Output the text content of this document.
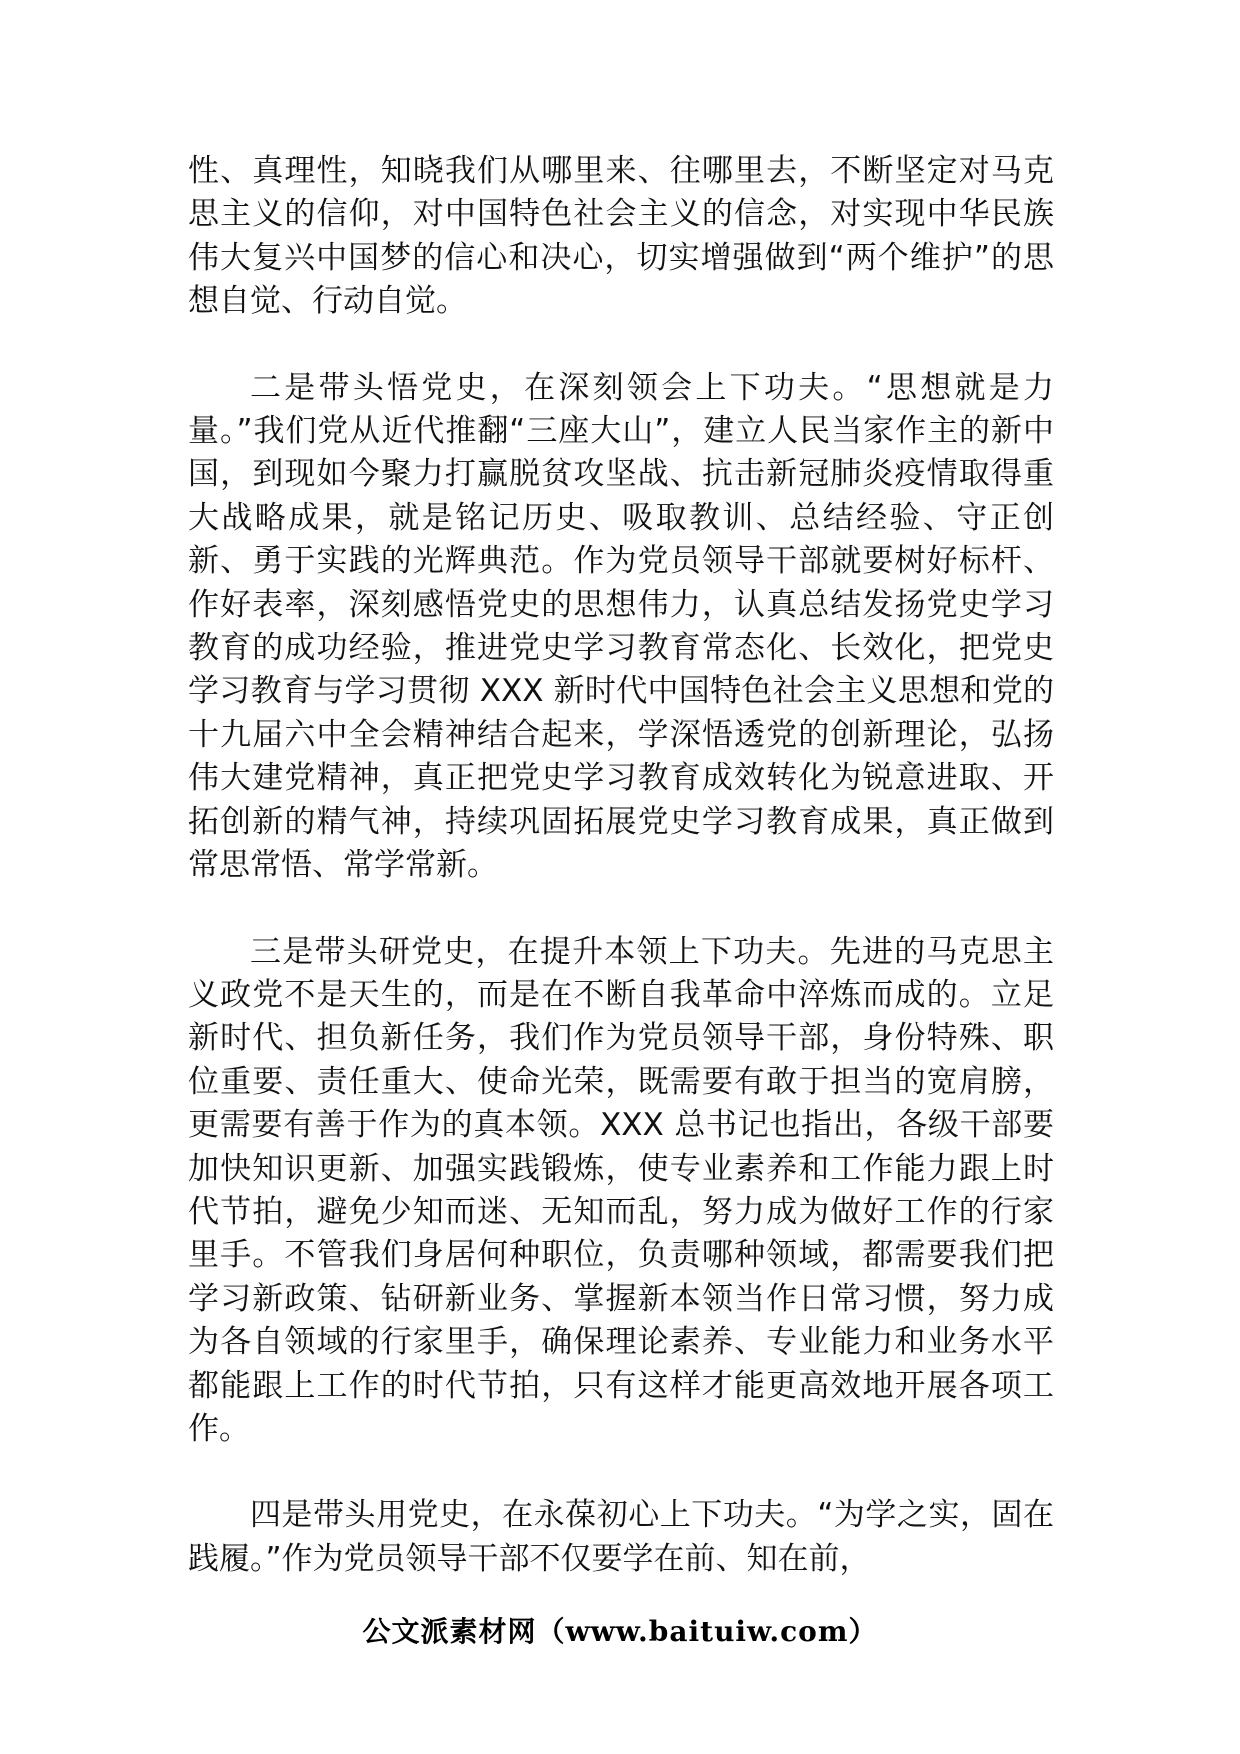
性、真理性，知晓我们从哪里来、往哪里去，不断坚定对马克思主义的信仰，对中国特色社会主义的信念，对实现中华民族伟大复兴中国梦的信心和决心，切实增强做到“两个维护”的思想自觉、行动自觉。

二是带头悟党史，在深刻领会上下功夫。“思想就是力量。”我们党从近代推翻“三座大山”，建立人民当家作主的新中国，到现如今聚力打赢脱贫攻坚战、抗击新冠肺炎疫情取得重大战略成果，就是铭记历史、吸取教训、总结经验、守正创新、勇于实践的光辉典范。作为党员领导干部就要树好标杆、作好表率，深刻感悟党史的思想伟力，认真总结发扬党史学习教育的成功经验，推进党史学习教育常态化、长效化，把党史学习教育与学习贯彻 XXX 新时代中国特色社会主义思想和党的十九届六中全会精神结合起来，学深悟透党的创新理论，弘扬伟大建党精神，真正把党史学习教育成效转化为锐意进取、开拓创新的精气神，持续巩固拓展党史学习教育成果，真正做到常思常悟、常学常新。

三是带头研党史，在提升本领上下功夫。先进的马克思主义政党不是天生的，而是在不断自我革命中淬炼而成的。立足新时代、担负新任务，我们作为党员领导干部，身份特殊、职位重要、责任重大、使命光荣，既需要有敢于担当的宽肩膀，更需要有善于作为的真本领。XXX 总书记也指出，各级干部要加快知识更新、加强实践锻炼，使专业素养和工作能力跟上时代节拍，避免少知而迷、无知而乱，努力成为做好工作的行家里手。不管我们身居何种职位，负责哪种领域，都需要我们把学习新政策、钻研新业务、掌握新本领当作日常习惯，努力成为各自领域的行家里手，确保理论素养、专业能力和业务水平都能跟上工作的时代节拍，只有这样才能更高效地开展各项工作。

四是带头用党史，在永葆初心上下功夫。“为学之实，固在践履。”作为党员领导干部不仅要学在前、知在前，

公文派素材网（www.baituiw.com）
